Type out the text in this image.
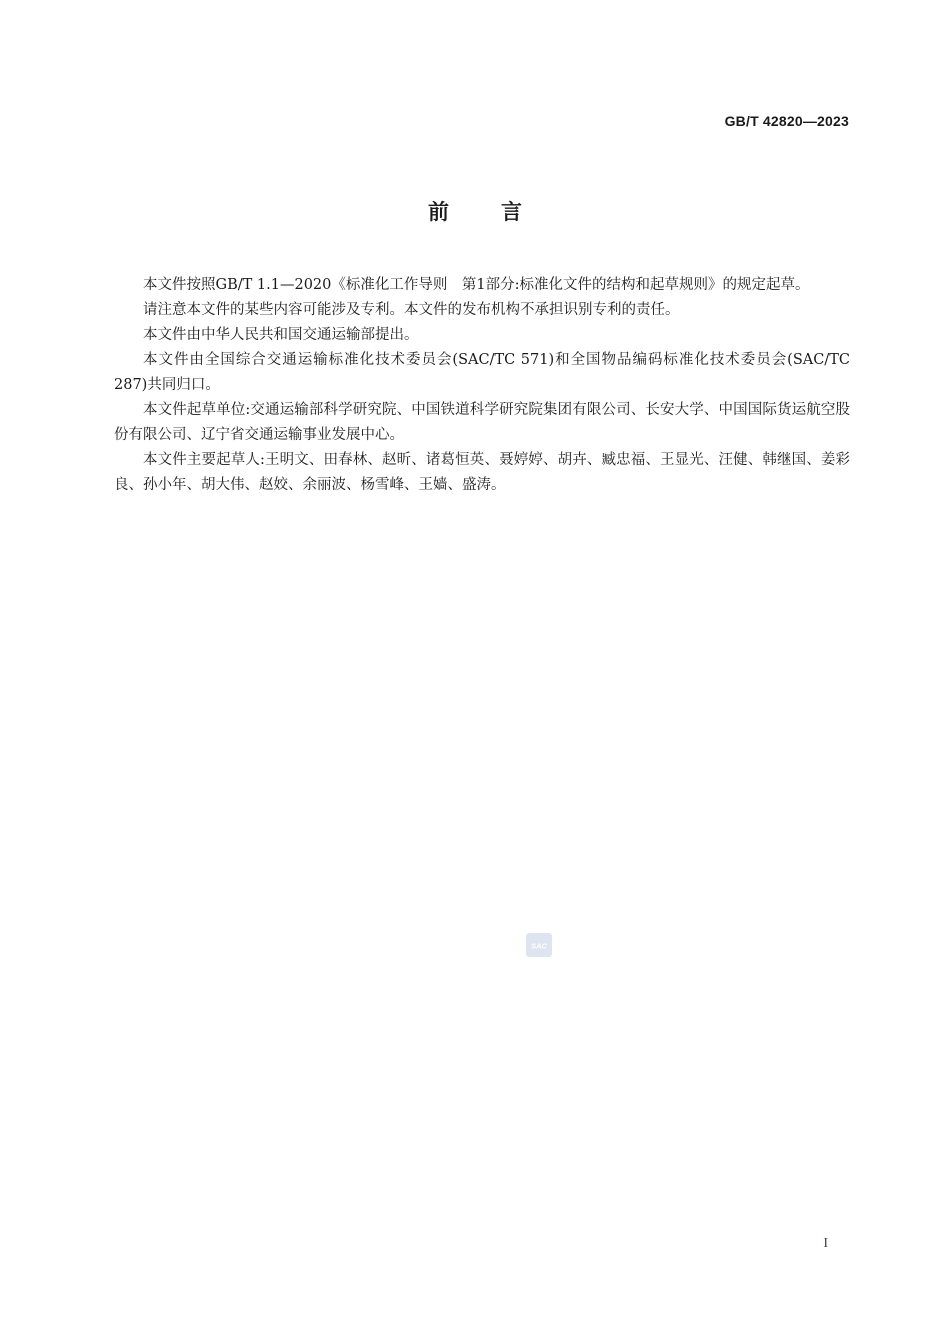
GB/T 42820—2023
前言

本文件按照GB/T 1.1—2020《标准化工作导则　第1部分:标准化文件的结构和起草规则》的规定起草。

请注意本文件的某些内容可能涉及专利。本文件的发布机构不承担识别专利的责任。

本文件由中华人民共和国交通运输部提出。

本文件由全国综合交通运输标准化技术委员会(SAC/TC 571)和全国物品编码标准化技术委员会(SAC/TC 287)共同归口。

本文件起草单位:交通运输部科学研究院、中国铁道科学研究院集团有限公司、长安大学、中国国际货运航空股份有限公司、辽宁省交通运输事业发展中心。

本文件主要起草人:王明文、田春林、赵昕、诸葛恒英、聂婷婷、胡卉、臧忠福、王显光、汪健、韩继国、姜彩良、孙小年、胡大伟、赵姣、余丽波、杨雪峰、王嫱、盛涛。

SAC
I
